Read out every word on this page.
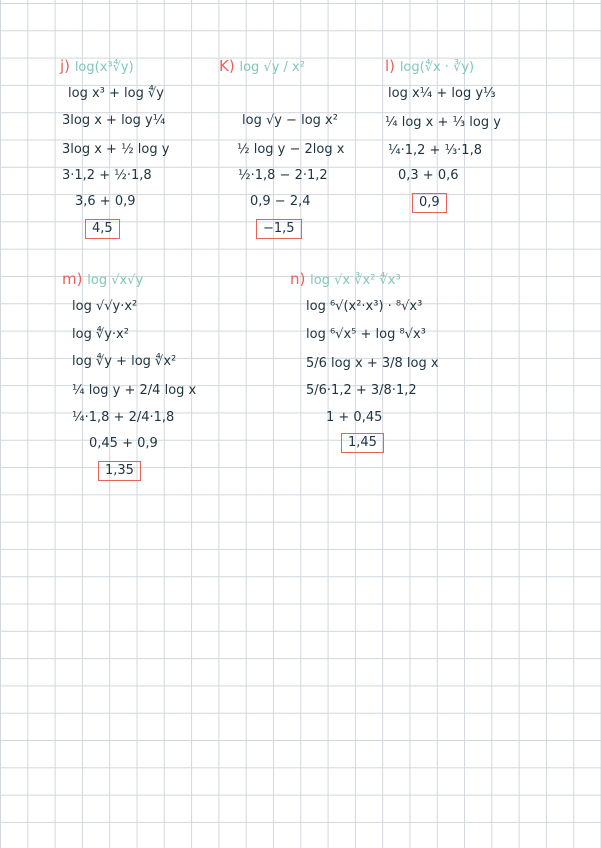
j) log(x³∜y)
log x³ + log ∜y
3log x + log y¼
3log x + ½ log y
3·1,2 + ½·1,8
3,6 + 0,9
4,5
K) log √y / x²
log √y − log x²
½ log y − 2log x
½·1,8 − 2·1,2
0,9 − 2,4
−1,5
l) log(∜x · ∛y)
log x¼ + log y⅓
¼ log x + ⅓ log y
¼·1,2 + ⅓·1,8
0,3 + 0,6
0,9
m) log √x√y
log √√y·x²
log ∜y·x²
log ∜y + log ∜x²
¼ log y + 2/4 log x
¼·1,8 + 2/4·1,8
0,45 + 0,9
1,35
n) log √x ∛x² ∜x³
log ⁶√(x²·x³) · ⁸√x³
log ⁶√x⁵ + log ⁸√x³
5/6 log x + 3/8 log x
5/6·1,2 + 3/8·1,2
1 + 0,45
1,45
